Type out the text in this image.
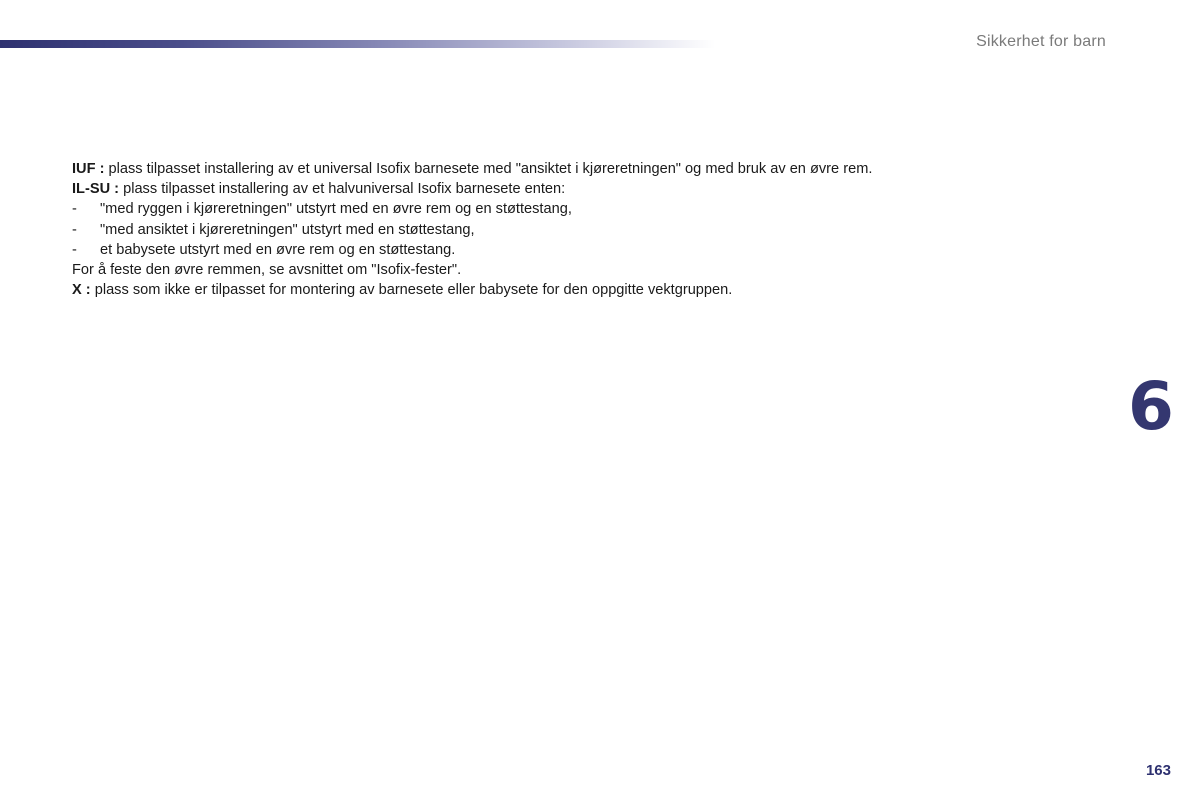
Sikkerhet for barn
IUF : plass tilpasset installering av et universal Isofix barnesete med "ansiktet i kjøreretningen" og med bruk av en øvre rem.
IL-SU : plass tilpasset installering av et halvuniversal Isofix barnesete enten:
- "med ryggen i kjøreretningen" utstyrt med en øvre rem og en støttestang,
- "med ansiktet i kjøreretningen" utstyrt med en støttestang,
- et babysete utstyrt med en øvre rem og en støttestang.
For å feste den øvre remmen, se avsnittet om "Isofix-fester".
X : plass som ikke er tilpasset for montering av barnesete eller babysete for den oppgitte vektgruppen.
6
163
